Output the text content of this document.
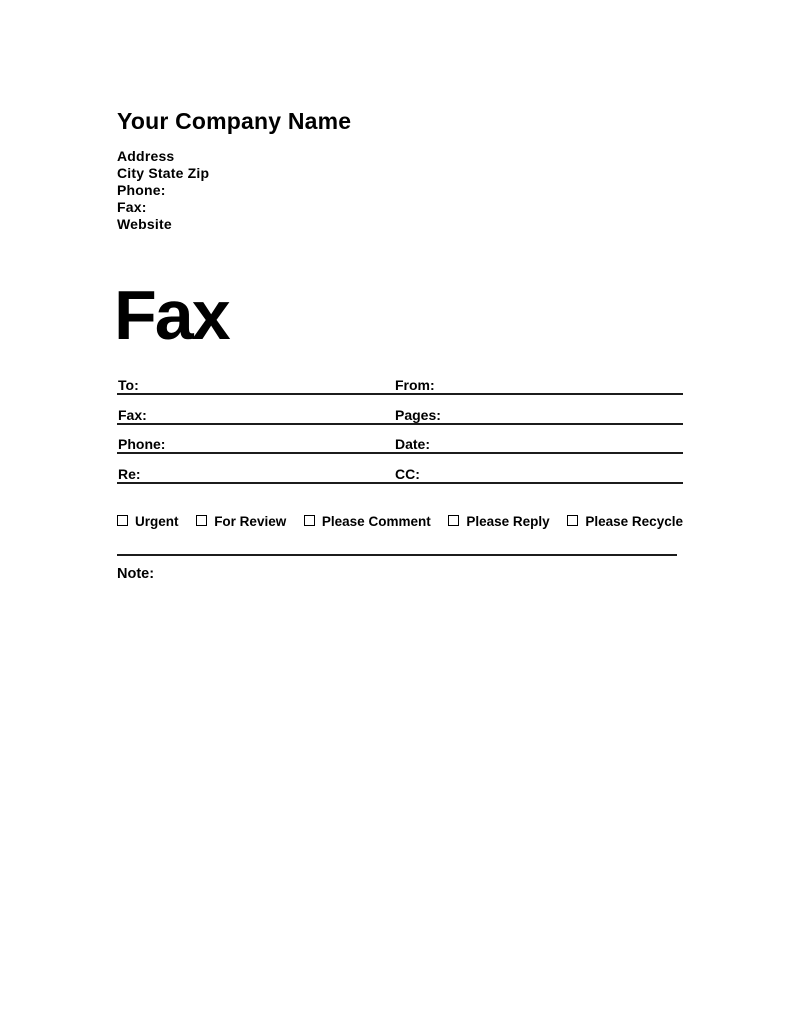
Your Company Name
Address
City State Zip
Phone:
Fax:
Website
Fax
To:	From:
Fax:	Pages:
Phone:	Date:
Re:	CC:
Urgent	For Review	Please Comment	Please Reply	Please Recycle
Note:
